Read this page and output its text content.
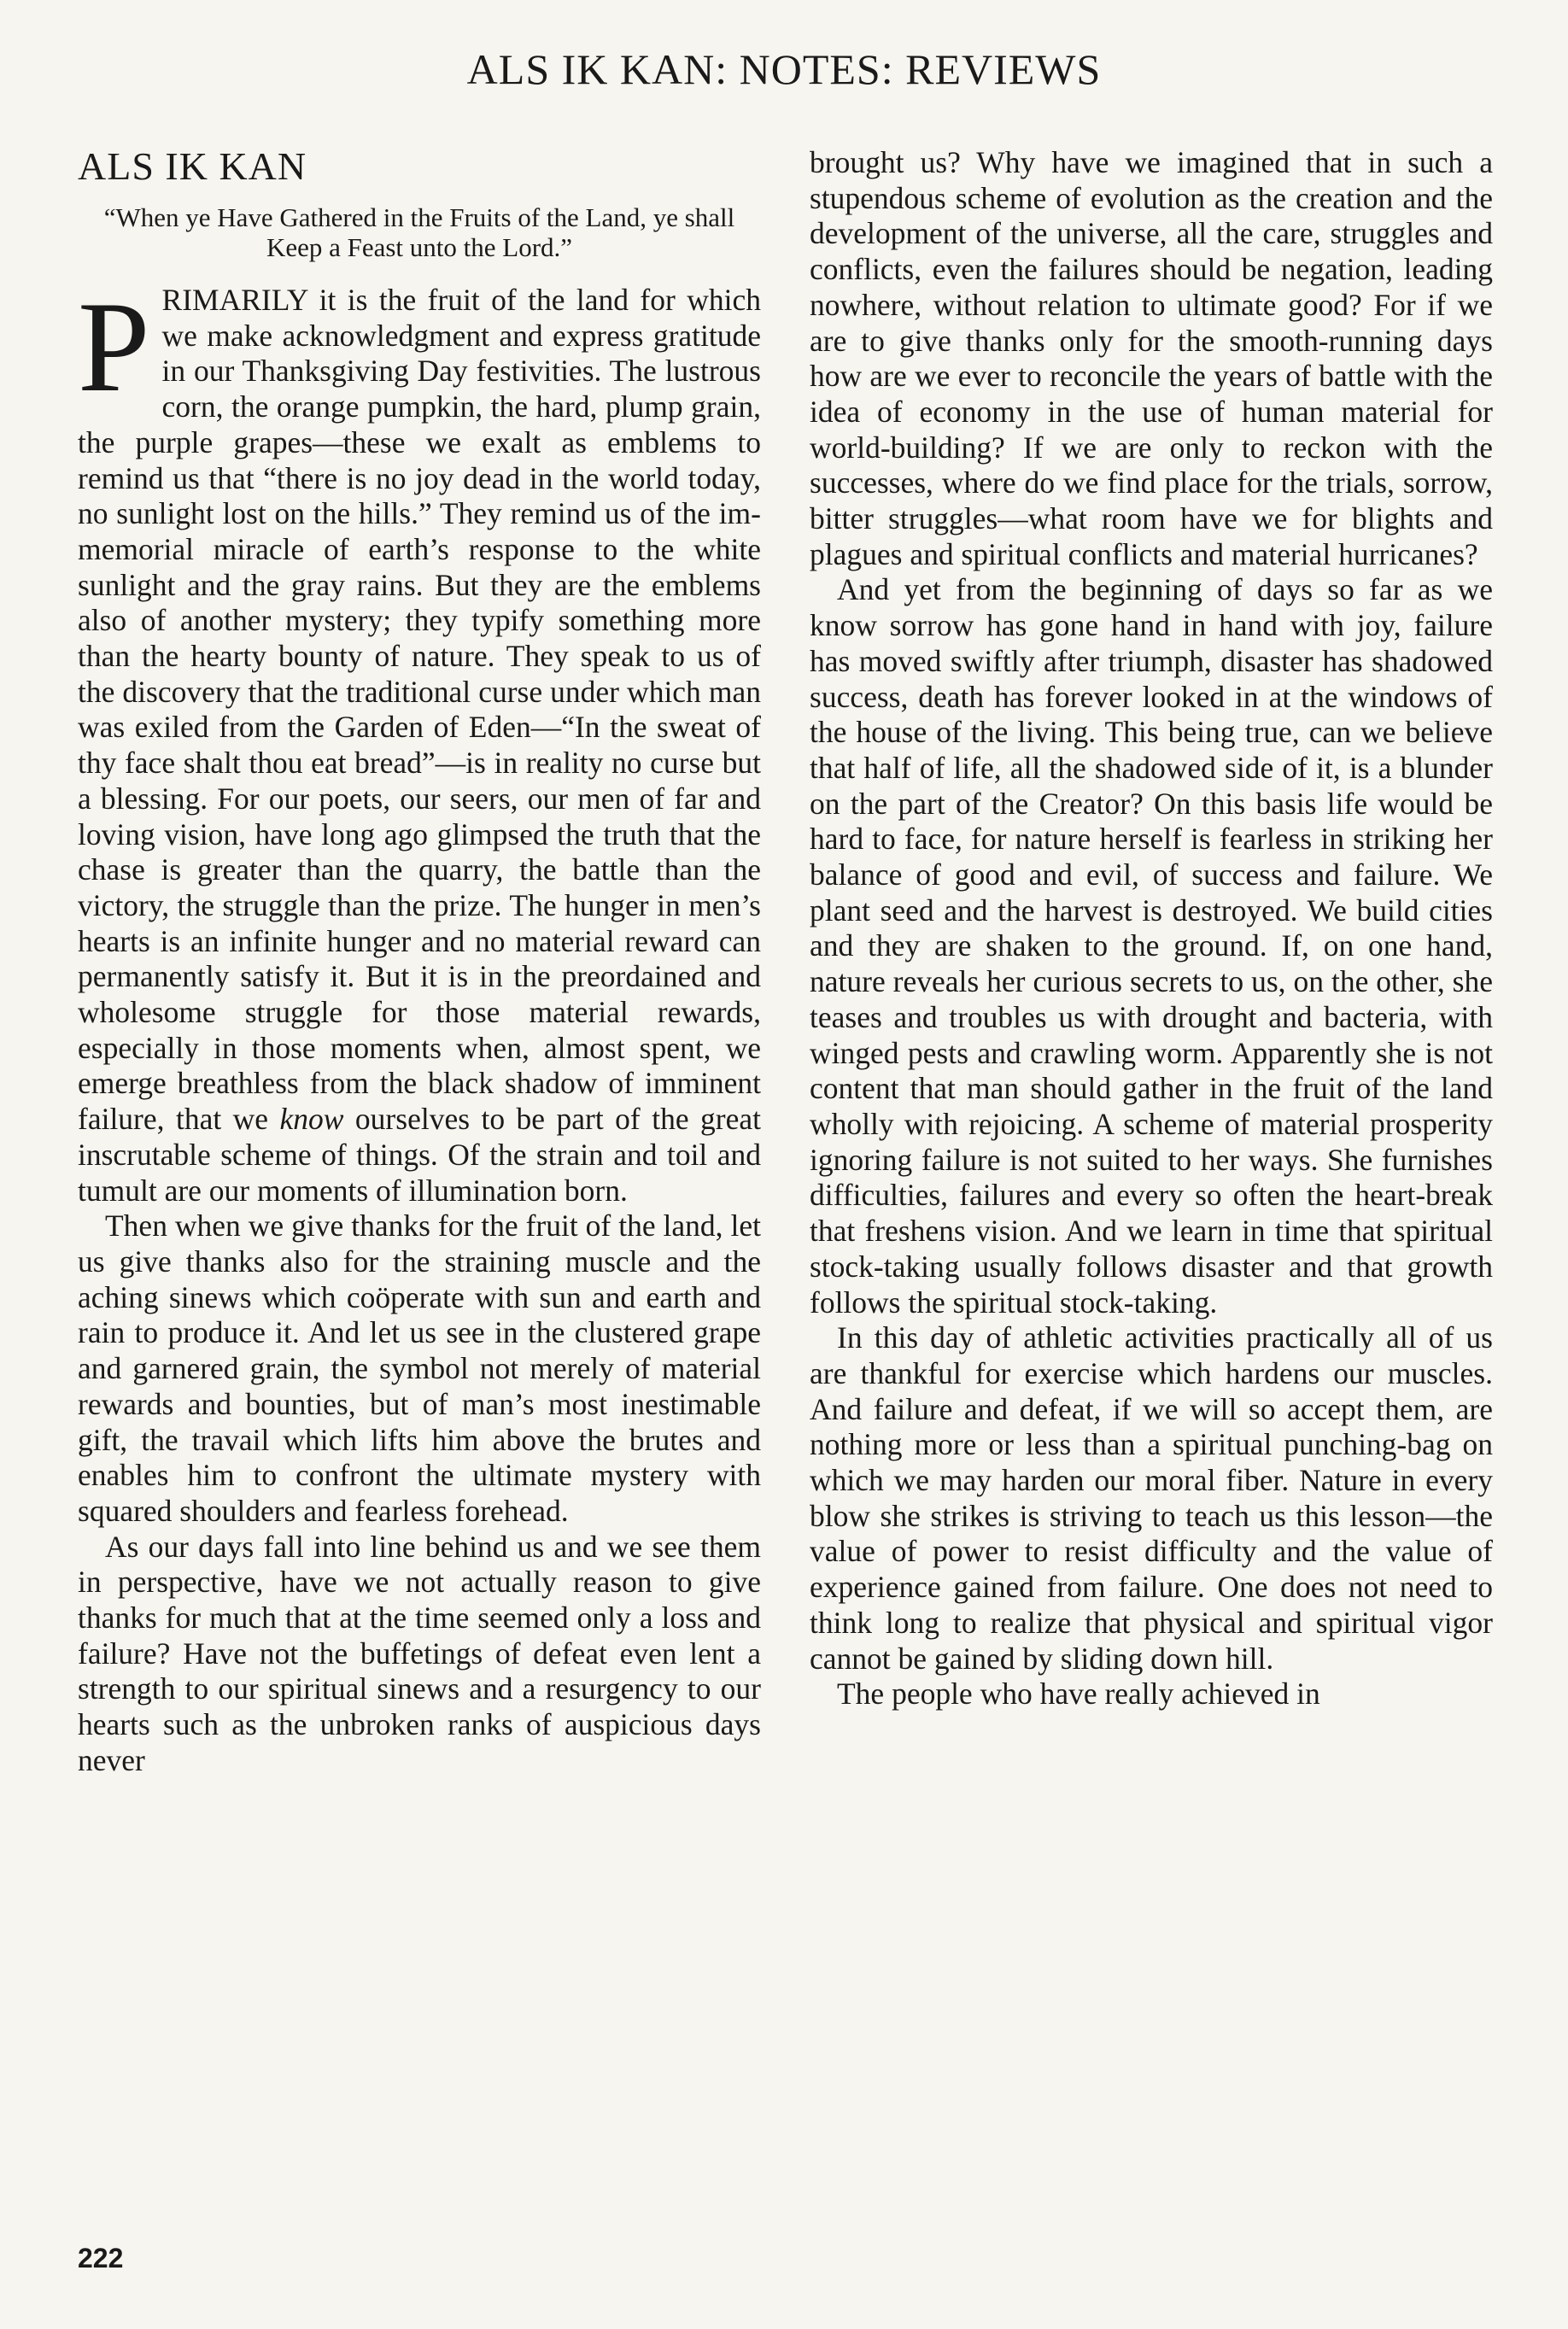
ALS IK KAN: NOTES: REVIEWS
ALS IK KAN

“When ye Have Gathered in the Fruits of the Land, ye shall Keep a Feast unto the Lord.”

PRIMARILY it is the fruit of the land for which we make acknowledgment and express gratitude in our Thanksgiving Day festivities. The lustrous corn, the orange pumpkin, the hard, plump grain, the purple grapes—these we exalt as emblems to remind us that “there is no joy dead in the world today, no sunlight lost on the hills.” They remind us of the immemorial miracle of earth’s response to the white sunlight and the gray rains. But they are the emblems also of another mystery; they typify something more than the hearty bounty of nature. They speak to us of the discovery that the traditional curse under which man was exiled from the Garden of Eden—“In the sweat of thy face shalt thou eat bread”—is in reality no curse but a blessing. For our poets, our seers, our men of far and loving vision, have long ago glimpsed the truth that the chase is greater than the quarry, the battle than the victory, the struggle than the prize. The hunger in men’s hearts is an infinite hunger and no material reward can permanently satisfy it. But it is in the preordained and wholesome struggle for those material rewards, especially in those moments when, almost spent, we emerge breathless from the black shadow of imminent failure, that we know ourselves to be part of the great inscrutable scheme of things. Of the strain and toil and tumult are our moments of illumination born.

Then when we give thanks for the fruit of the land, let us give thanks also for the straining muscle and the aching sinews which coöperate with sun and earth and rain to produce it. And let us see in the clustered grape and garnered grain, the symbol not merely of material rewards and bounties, but of man’s most inestimable gift, the travail which lifts him above the brutes and enables him to confront the ultimate mystery with squared shoulders and fearless forehead.

As our days fall into line behind us and we see them in perspective, have we not actually reason to give thanks for much that at the time seemed only a loss and failure? Have not the buffetings of defeat even lent a strength to our spiritual sinews and a resurgency to our hearts such as the unbroken ranks of auspicious days never

brought us? Why have we imagined that in such a stupendous scheme of evolution as the creation and the development of the universe, all the care, struggles and conflicts, even the failures should be negation, leading nowhere, without relation to ultimate good? For if we are to give thanks only for the smooth-running days how are we ever to reconcile the years of battle with the idea of economy in the use of human material for world-building? If we are only to reckon with the successes, where do we find place for the trials, sorrow, bitter struggles—what room have we for blights and plagues and spiritual conflicts and material hurricanes?

And yet from the beginning of days so far as we know sorrow has gone hand in hand with joy, failure has moved swiftly after triumph, disaster has shadowed success, death has forever looked in at the windows of the house of the living. This being true, can we believe that half of life, all the shadowed side of it, is a blunder on the part of the Creator? On this basis life would be hard to face, for nature herself is fearless in striking her balance of good and evil, of success and failure. We plant seed and the harvest is destroyed. We build cities and they are shaken to the ground. If, on one hand, nature reveals her curious secrets to us, on the other, she teases and troubles us with drought and bacteria, with winged pests and crawling worm. Apparently she is not content that man should gather in the fruit of the land wholly with rejoicing. A scheme of material prosperity ignoring failure is not suited to her ways. She furnishes difficulties, failures and every so often the heart-break that freshens vision. And we learn in time that spiritual stock-taking usually follows disaster and that growth follows the spiritual stock-taking.

In this day of athletic activities practically all of us are thankful for exercise which hardens our muscles. And failure and defeat, if we will so accept them, are nothing more or less than a spiritual punching-bag on which we may harden our moral fiber. Nature in every blow she strikes is striving to teach us this lesson—the value of power to resist difficulty and the value of experience gained from failure. One does not need to think long to realize that physical and spiritual vigor cannot be gained by sliding down hill.

The people who have really achieved in

222
